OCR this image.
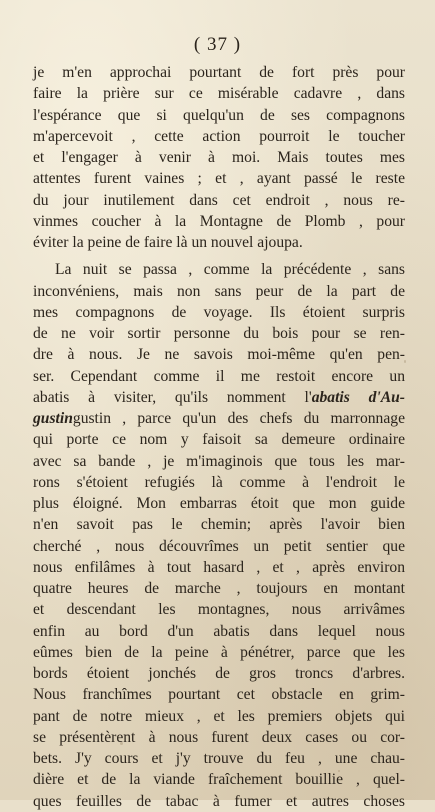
( 37 )
je m'en approchai pourtant de fort près pour
faire la prière sur ce misérable cadavre , dans
l'espérance que si quelqu'un de ses compagnons
m'apercevoit , cette action pourroit le toucher
et l'engager à venir à moi. Mais toutes mes
attentes furent vaines ; et , ayant passé le reste
du jour inutilement dans cet endroit , nous re-
vinmes coucher à la Montagne de Plomb , pour
éviter la peine de faire là un nouvel ajoupa.
La nuit se passa , comme la précédente , sans
inconvéniens, mais non sans peur de la part de
mes compagnons de voyage. Ils étoient surpris
de ne voir sortir personne du bois pour se ren-
dre à nous. Je ne savois moi-même qu'en pen-
ser. Cependant comme il me restoit encore un
abatis à visiter, qu'ils nomment l'abatis d'Au-
gustingustin , parce qu'un des chefs du marronnage
qui porte ce nom y faisoit sa demeure ordinaire
avec sa bande , je m'imaginois que tous les mar-
rons s'étoient refugiés là comme à l'endroit le
plus éloigné. Mon embarras étoit que mon guide
n'en savoit pas le chemin; après l'avoir bien
cherché , nous découvrîmes un petit sentier que
nous enfilâmes à tout hasard , et , après environ
quatre heures de marche , toujours en montant
et descendant les montagnes, nous arrivâmes
enfin au bord d'un abatis dans lequel nous
eûmes bien de la peine à pénétrer, parce que les
bords étoient jonchés de gros troncs d'arbres.
Nous franchîmes pourtant cet obstacle en grim-
pant de notre mieux , et les premiers objets qui
se présentèrent à nous furent deux cases ou cor-
bets. J'y cours et j'y trouve du feu , une chau-
dière et de la viande fraîchement bouillie , quel-
ques feuilles de tabac à fumer et autres choses
